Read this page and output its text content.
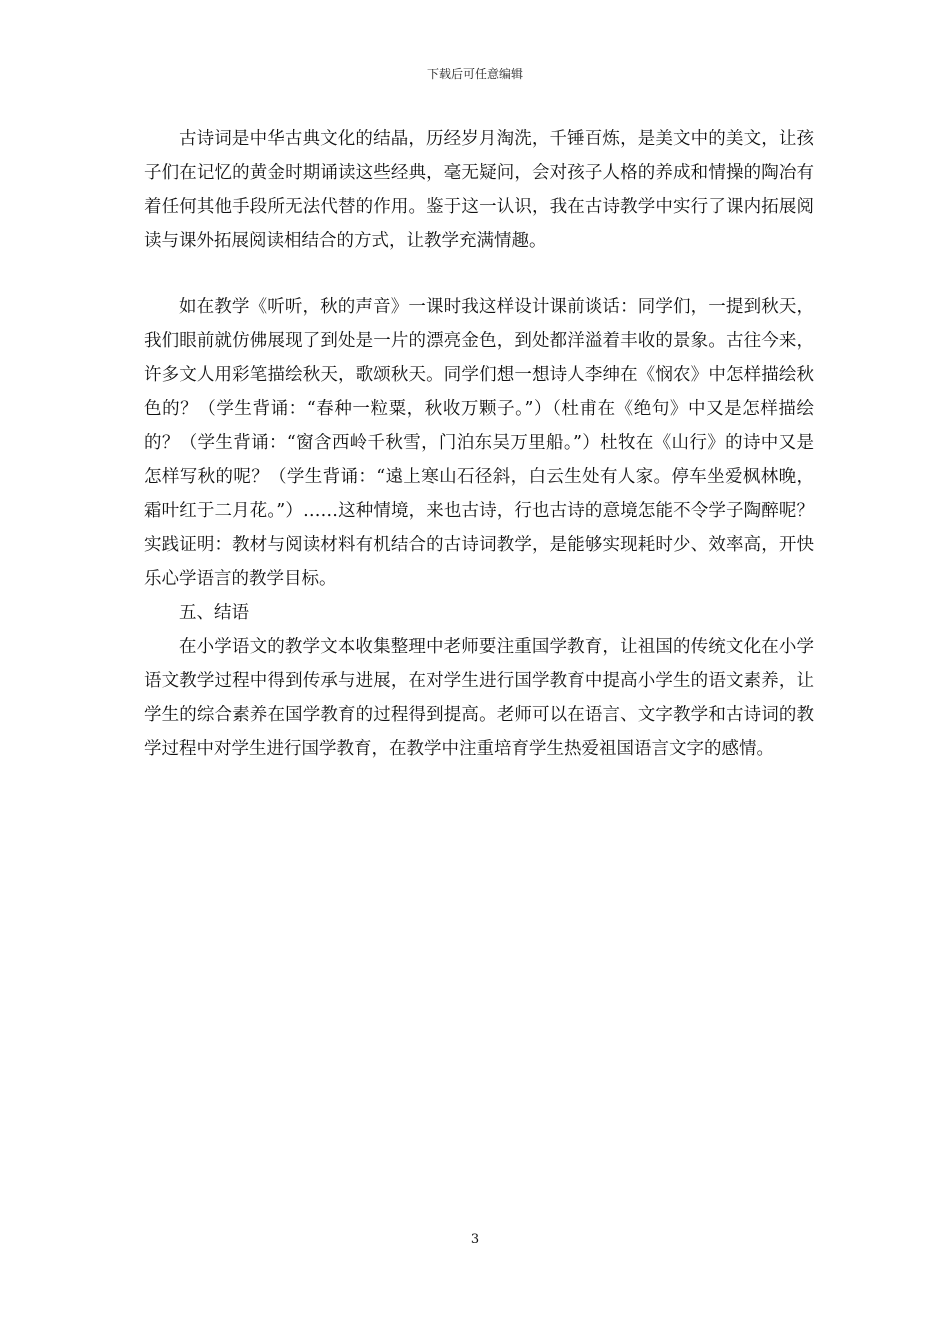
下载后可任意编辑

古诗词是中华古典文化的结晶，历经岁月淘洗，千锤百炼，是美文中的美文，让孩子们在记忆的黄金时期诵读这些经典，毫无疑问，会对孩子人格的养成和情操的陶冶有着任何其他手段所无法代替的作用。鉴于这一认识，我在古诗教学中实行了课内拓展阅读与课外拓展阅读相结合的方式，让教学充满情趣。

如在教学《听听，秋的声音》一课时我这样设计课前谈话：同学们，一提到秋天，我们眼前就仿佛展现了到处是一片的漂亮金色，到处都洋溢着丰收的景象。古往今来，许多文人用彩笔描绘秋天，歌颂秋天。同学们想一想诗人李绅在《悯农》中怎样描绘秋色的？（学生背诵：“春种一粒粟，秋收万颗子。”）（杜甫在《绝句》中又是怎样描绘的？（学生背诵：“窗含西岭千秋雪，门泊东吴万里船。”）杜牧在《山行》的诗中又是怎样写秋的呢？（学生背诵：“遠上寒山石径斜，白云生处有人家。停车坐爱枫林晚，霜叶红于二月花。”）……这种情境，来也古诗，行也古诗的意境怎能不令学子陶醉呢？实践证明：教材与阅读材料有机结合的古诗词教学，是能够实现耗时少、效率高，开快乐心学语言的教学目标。

五、结语

在小学语文的教学文本收集整理中老师要注重国学教育，让祖国的传统文化在小学语文教学过程中得到传承与进展，在对学生进行国学教育中提高小学生的语文素养，让学生的综合素养在国学教育的过程得到提高。老师可以在语言、文字教学和古诗词的教学过程中对学生进行国学教育，在教学中注重培育学生热爱祖国语言文字的感情。

3
